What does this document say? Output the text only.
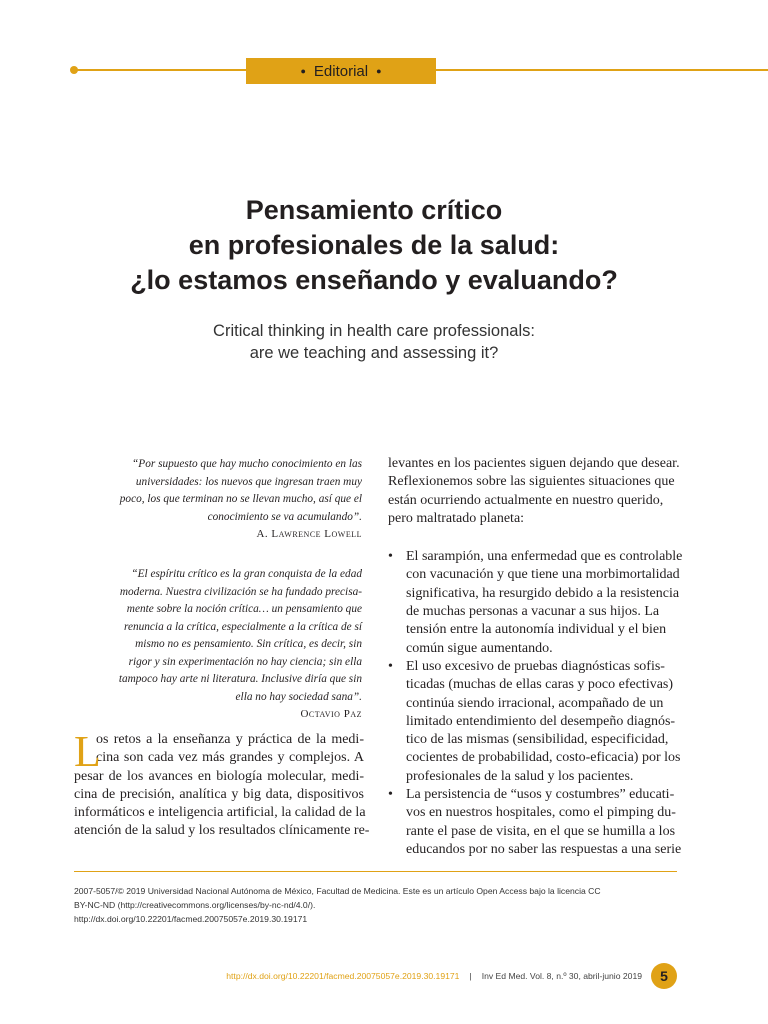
● Editorial ●
Pensamiento crítico
en profesionales de la salud:
¿lo estamos enseñando y evaluando?
Critical thinking in health care professionals:
are we teaching and assessing it?
“Por supuesto que hay mucho conocimiento en las
universidades: los nuevos que ingresan traen muy
poco, los que terminan no se llevan mucho, así que el
conocimiento se va acumulando”.
A. Lawrence Lowell
“El espíritu crítico es la gran conquista de la edad
moderna. Nuestra civilización se ha fundado precisa-
mente sobre la noción crítica… un pensamiento que
renuncia a la crítica, especialmente a la crítica de sí
mismo no es pensamiento. Sin crítica, es decir, sin
rigor y sin experimentación no hay ciencia; sin ella
tampoco hay arte ni literatura. Inclusive diría que sin
ella no hay sociedad sana”.
Octavio Paz
L
os retos a la enseñanza y práctica de la medi-
cina son cada vez más grandes y complejos. A
pesar de los avances en biología molecular, medi-
cina de precisión, analítica y big data, dispositivos
informáticos e inteligencia artificial, la calidad de la
atención de la salud y los resultados clínicamente re-
levantes en los pacientes siguen dejando que desear.
Reflexionemos sobre las siguientes situaciones que
están ocurriendo actualmente en nuestro querido,
pero maltratado planeta:
• El sarampión, una enfermedad que es controlable
con vacunación y que tiene una morbimortalidad
significativa, ha resurgido debido a la resistencia
de muchas personas a vacunar a sus hijos. La
tensión entre la autonomía individual y el bien
común sigue aumentando.
• El uso excesivo de pruebas diagnósticas sofis-
ticadas (muchas de ellas caras y poco efectivas)
continúa siendo irracional, acompañado de un
limitado entendimiento del desempeño diagnós-
tico de las mismas (sensibilidad, especificidad,
cocientes de probabilidad, costo-eficacia) por los
profesionales de la salud y los pacientes.
• La persistencia de “usos y costumbres” educati-
vos en nuestros hospitales, como el pimping du-
rante el pase de visita, en el que se humilla a los
educandos por no saber las respuestas a una serie
2007-5057/© 2019 Universidad Nacional Autónoma de México, Facultad de Medicina. Este es un artículo Open Access bajo la licencia CC
BY-NC-ND (http://creativecommons.org/licenses/by-nc-nd/4.0/).
http://dx.doi.org/10.22201/facmed.20075057e.2019.30.19171
http://dx.doi.org/10.22201/facmed.20075057e.2019.30.19171 | Inv Ed Med. Vol. 8, n.º 30, abril-junio 2019	5
